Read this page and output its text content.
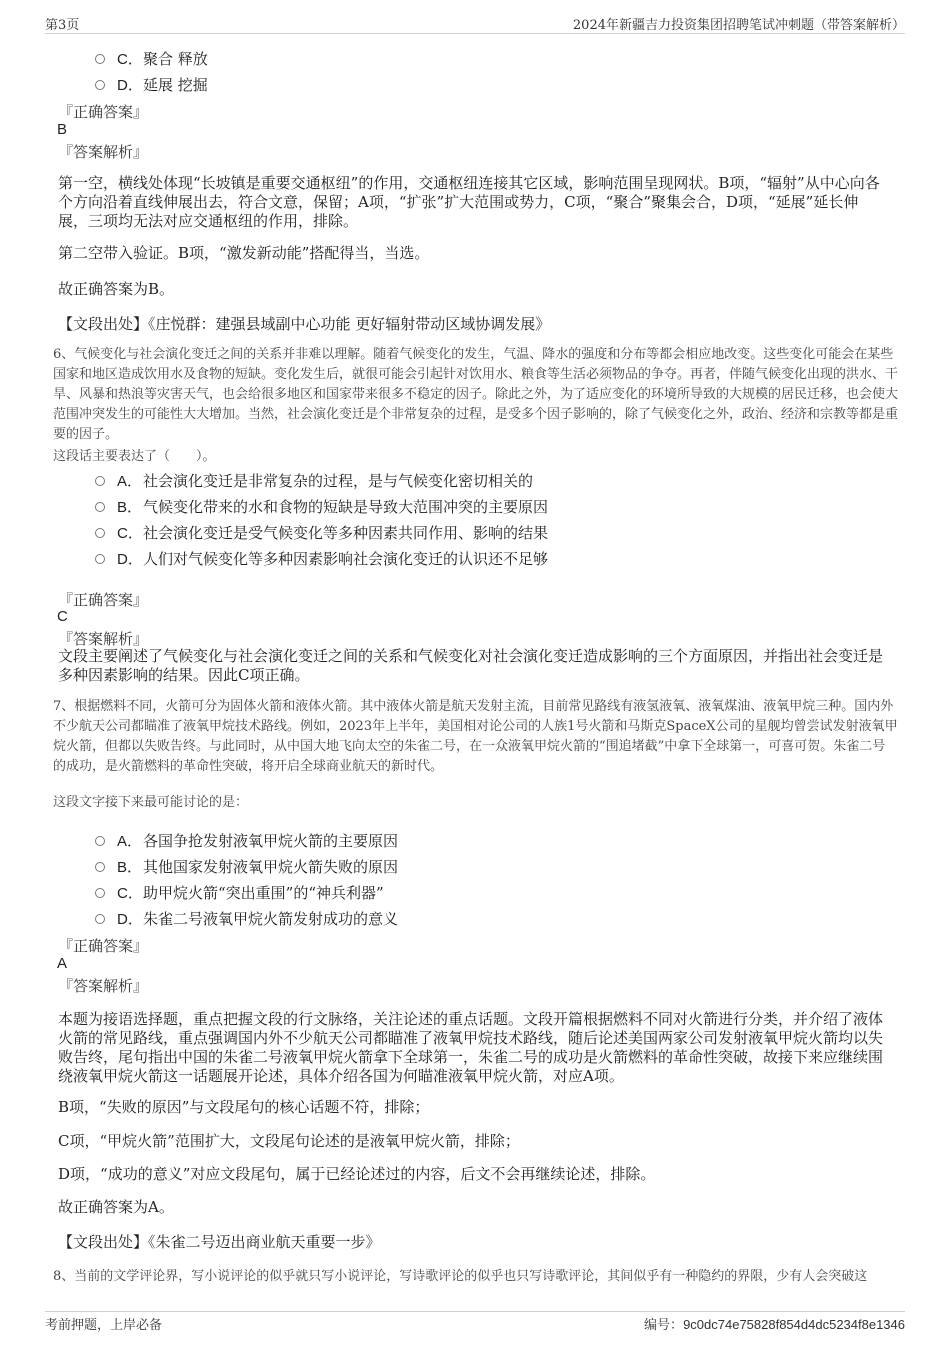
第3页	2024年新疆吉力投资集团招聘笔试冲刺题（带答案解析）
C．聚合 释放
D．延展 挖掘
『正确答案』
B
『答案解析』
第一空，横线处体现“长坡镇是重要交通枢纽”的作用，交通枢纽连接其它区域，影响范围呈现网状。B项，“辐射”从中心向各个方向沿着直线伸展出去，符合文意，保留；A项，“扩张”扩大范围或势力，C项，“聚合”聚集会合，D项，“延展”延长伸展，三项均无法对应交通枢纽的作用，排除。
第二空带入验证。B项，“激发新动能”搭配得当，当选。
故正确答案为B。
【文段出处】《庄悦群：建强县域副中心功能 更好辐射带动区域协调发展》
6、气候变化与社会演化变迁之间的关系并非难以理解。随着气候变化的发生，气温、降水的强度和分布等都会相应地改变。这些变化可能会在某些国家和地区造成饮用水及食物的短缺。变化发生后，就很可能会引起针对饮用水、粮食等生活必须物品的争夺。再者，伴随气候变化出现的洪水、干旱、风暴和热浪等灾害天气，也会给很多地区和国家带来很多不稳定的因子。除此之外，为了适应变化的环境所导致的大规模的居民迁移，也会使大范围冲突发生的可能性大大增加。当然，社会演化变迁是个非常复杂的过程，是受多个因子影响的，除了气候变化之外，政治、经济和宗教等都是重要的因子。
这段话主要表达了（　　）。
A．社会演化变迁是非常复杂的过程，是与气候变化密切相关的
B．气候变化带来的水和食物的短缺是导致大范围冲突的主要原因
C．社会演化变迁是受气候变化等多种因素共同作用、影响的结果
D．人们对气候变化等多种因素影响社会演化变迁的认识还不足够
『正确答案』
C
『答案解析』
文段主要阐述了气候变化与社会演化变迁之间的关系和气候变化对社会演化变迁造成影响的三个方面原因，并指出社会变迁是多种因素影响的结果。因此C项正确。
7、根据燃料不同，火箭可分为固体火箭和液体火箭。其中液体火箭是航天发射主流，目前常见路线有液氢液氧、液氧煤油、液氧甲烷三种。国内外不少航天公司都瞄准了液氧甲烷技术路线。例如，2023年上半年，美国相对论公司的人族1号火箭和马斯克SpaceX公司的星舰均曾尝试发射液氧甲烷火箭，但都以失败告终。与此同时，从中国大地飞向太空的朱雀二号，在一众液氧甲烷火箭的“围追堵截”中拿下全球第一，可喜可贺。朱雀二号的成功，是火箭燃料的革命性突破，将开启全球商业航天的新时代。
这段文字接下来最可能讨论的是：
A．各国争抢发射液氧甲烷火箭的主要原因
B．其他国家发射液氧甲烷火箭失败的原因
C．助甲烷火箭“突出重围”的“神兵利器”
D．朱雀二号液氧甲烷火箭发射成功的意义
『正确答案』
A
『答案解析』
本题为接语选择题，重点把握文段的行文脉络，关注论述的重点话题。文段开篇根据燃料不同对火箭进行分类，并介绍了液体火箭的常见路线，重点强调国内外不少航天公司都瞄准了液氧甲烷技术路线，随后论述美国两家公司发射液氧甲烷火箭均以失败告终，尾句指出中国的朱雀二号液氧甲烷火箭拿下全球第一，朱雀二号的成功是火箭燃料的革命性突破，故接下来应继续围绕液氧甲烷火箭这一话题展开论述，具体介绍各国为何瞄准液氧甲烷火箭，对应A项。
B项，“失败的原因”与文段尾句的核心话题不符，排除；
C项，“甲烷火箭”范围扩大，文段尾句论述的是液氧甲烷火箭，排除；
D项，“成功的意义”对应文段尾句，属于已经论述过的内容，后文不会再继续论述，排除。
故正确答案为A。
【文段出处】《朱雀二号迈出商业航天重要一步》
8、当前的文学评论界，写小说评论的似乎就只写小说评论，写诗歌评论的似乎也只写诗歌评论，其间似乎有一种隐约的界限，少有人会突破这
考前押题，上岸必备	编号：9c0dc74e75828f854d4dc5234f8e1346
